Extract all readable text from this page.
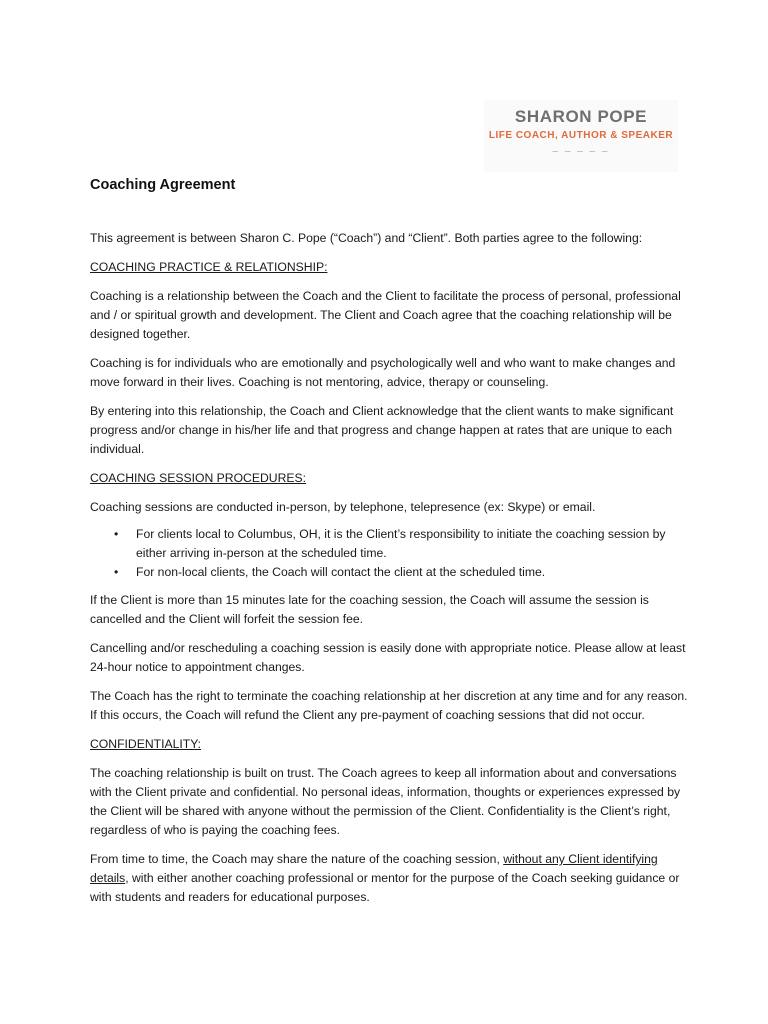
SHARON POPE
LIFE COACH, AUTHOR & SPEAKER
_ _ _ _ _
Coaching Agreement

This agreement is between Sharon C. Pope (“Coach”) and “Client”. Both parties agree to the following:

COACHING PRACTICE & RELATIONSHIP:

Coaching is a relationship between the Coach and the Client to facilitate the process of personal, professional and / or spiritual growth and development. The Client and Coach agree that the coaching relationship will be designed together.

Coaching is for individuals who are emotionally and psychologically well and who want to make changes and move forward in their lives. Coaching is not mentoring, advice, therapy or counseling.

By entering into this relationship, the Coach and Client acknowledge that the client wants to make significant progress and/or change in his/her life and that progress and change happen at rates that are unique to each individual.

COACHING SESSION PROCEDURES:

Coaching sessions are conducted in-person, by telephone, telepresence (ex: Skype) or email.

• For clients local to Columbus, OH, it is the Client’s responsibility to initiate the coaching session by either arriving in-person at the scheduled time.
• For non-local clients, the Coach will contact the client at the scheduled time.

If the Client is more than 15 minutes late for the coaching session, the Coach will assume the session is cancelled and the Client will forfeit the session fee.

Cancelling and/or rescheduling a coaching session is easily done with appropriate notice. Please allow at least 24-hour notice to appointment changes.

The Coach has the right to terminate the coaching relationship at her discretion at any time and for any reason. If this occurs, the Coach will refund the Client any pre-payment of coaching sessions that did not occur.

CONFIDENTIALITY:

The coaching relationship is built on trust. The Coach agrees to keep all information about and conversations with the Client private and confidential. No personal ideas, information, thoughts or experiences expressed by the Client will be shared with anyone without the permission of the Client. Confidentiality is the Client’s right, regardless of who is paying the coaching fees.

From time to time, the Coach may share the nature of the coaching session, without any Client identifying details, with either another coaching professional or mentor for the purpose of the Coach seeking guidance or with students and readers for educational purposes.
